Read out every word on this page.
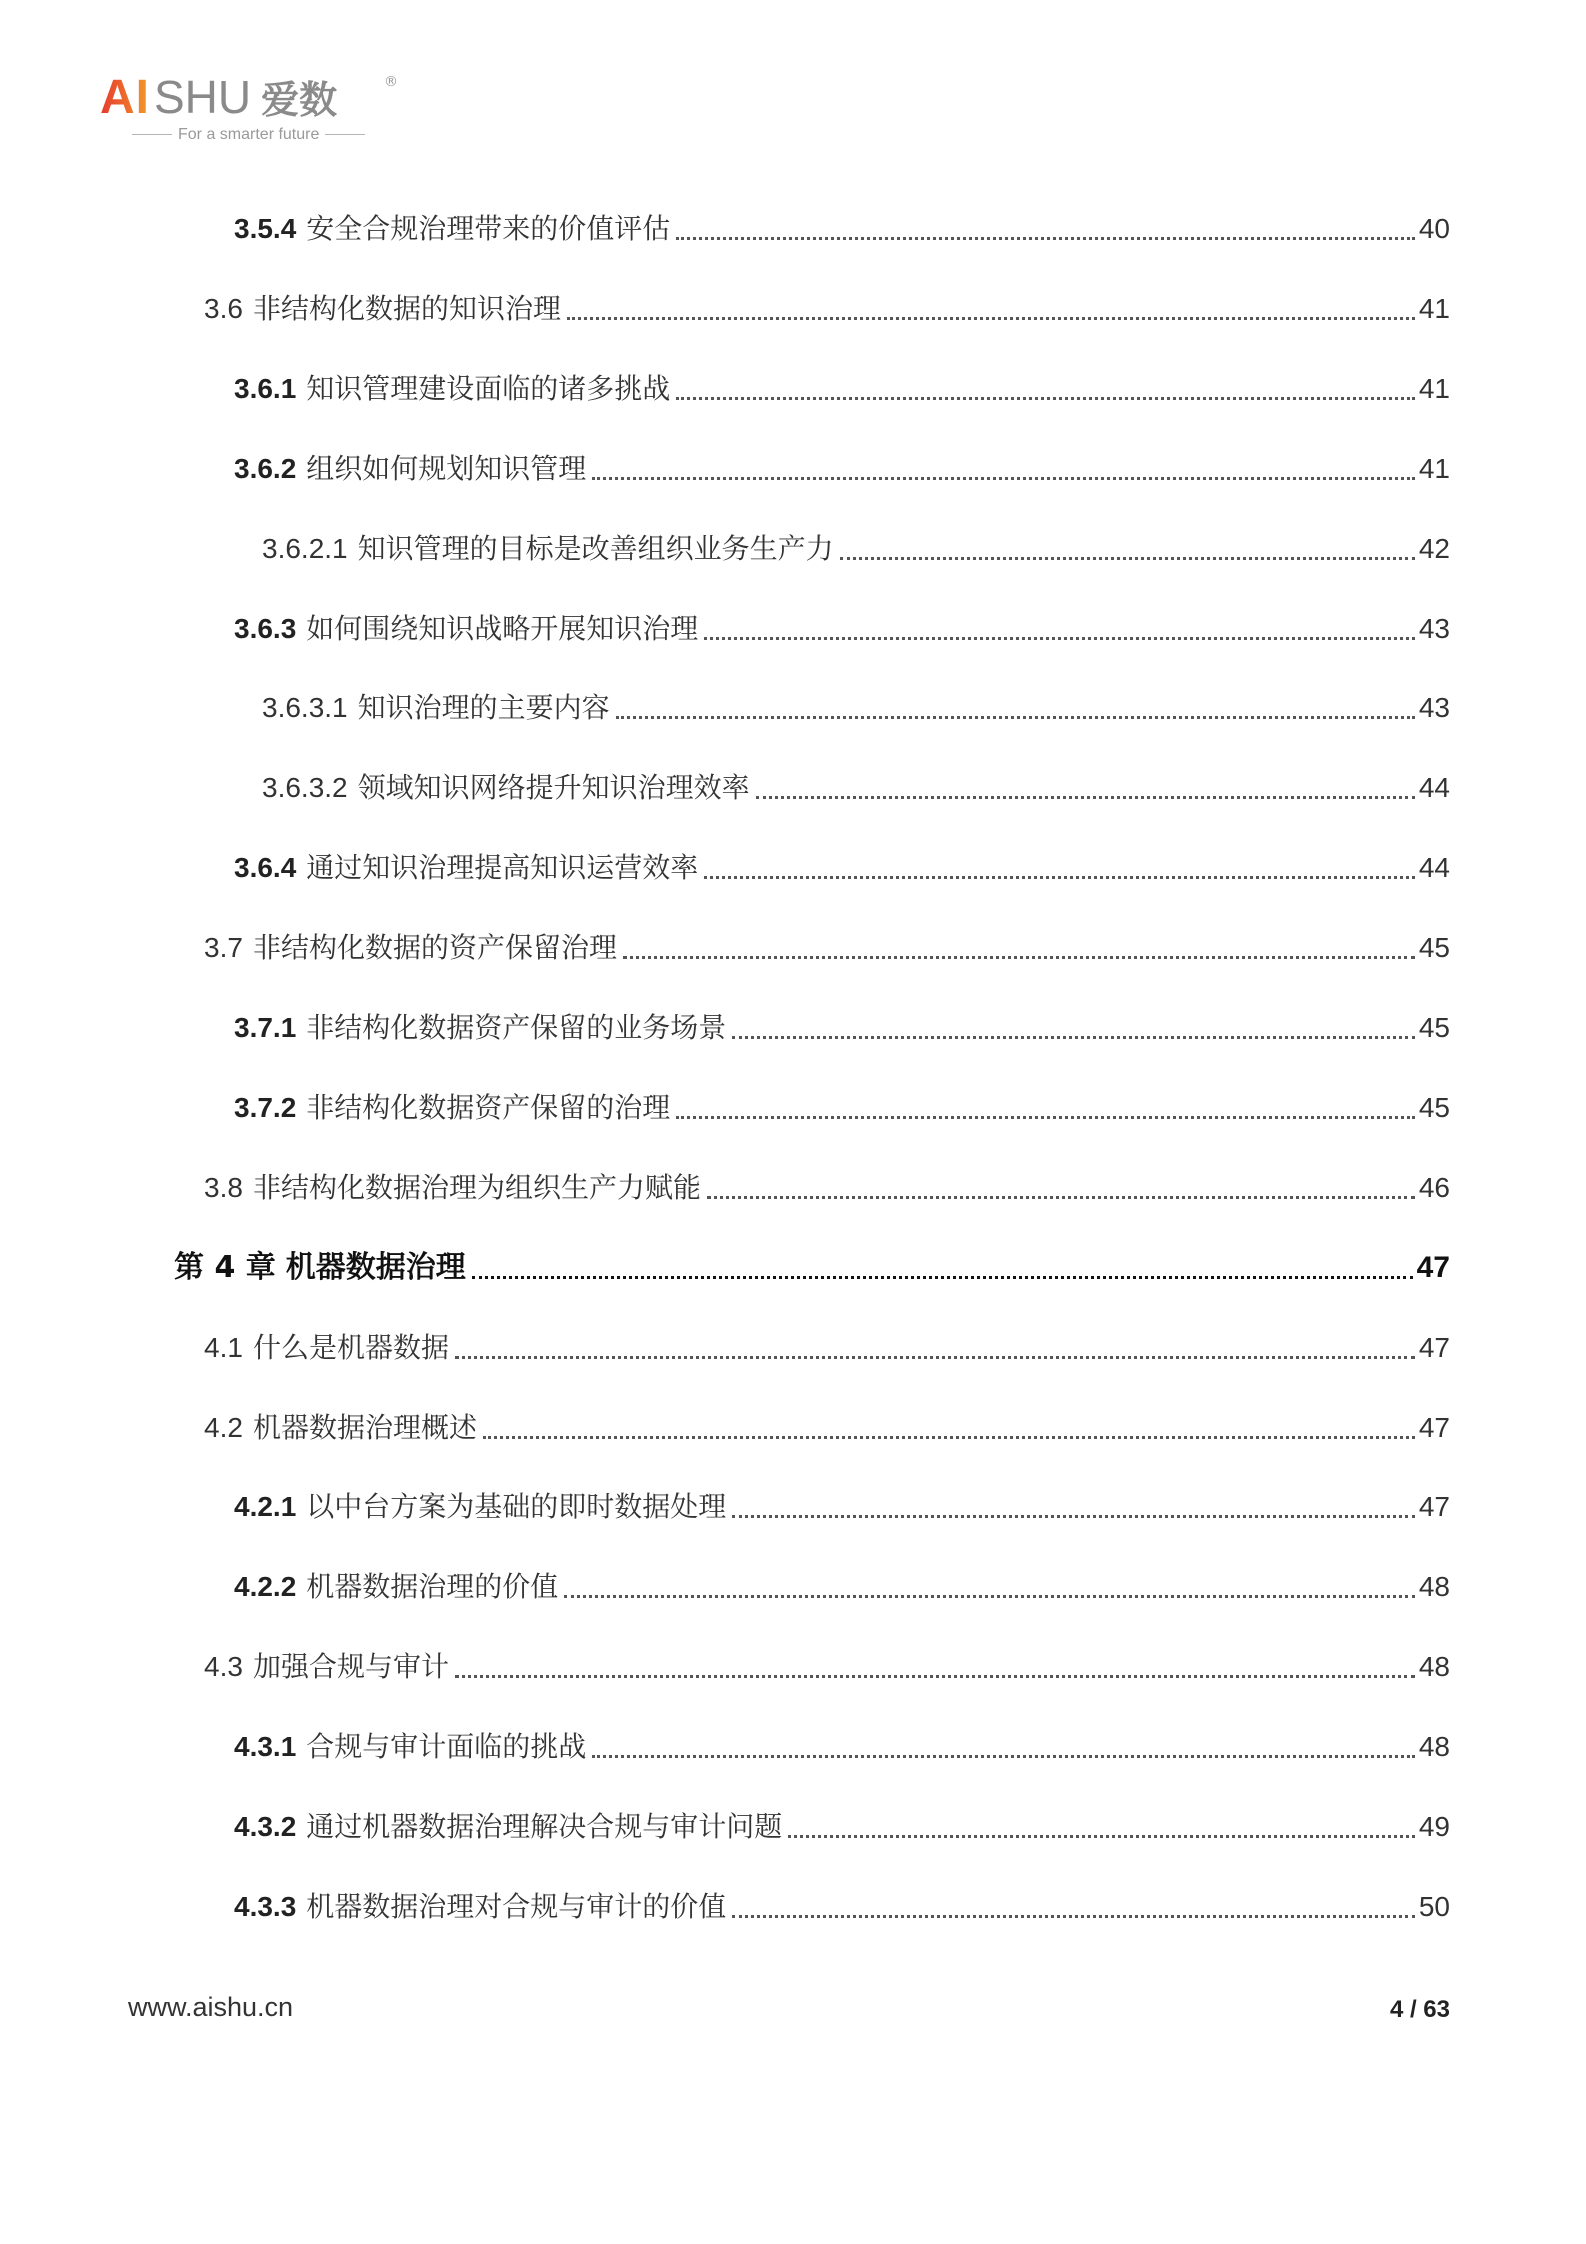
AISHU 爱数	®
For a smarter future
3.5.4 安全合规治理带来的价值评估	40
3.6 非结构化数据的知识治理	41
3.6.1 知识管理建设面临的诸多挑战	41
3.6.2 组织如何规划知识管理	41
3.6.2.1 知识管理的目标是改善组织业务生产力	42
3.6.3 如何围绕知识战略开展知识治理	43
3.6.3.1 知识治理的主要内容	43
3.6.3.2 领域知识网络提升知识治理效率	44
3.6.4 通过知识治理提高知识运营效率	44
3.7 非结构化数据的资产保留治理	45
3.7.1 非结构化数据资产保留的业务场景	45
3.7.2 非结构化数据资产保留的治理	45
3.8 非结构化数据治理为组织生产力赋能	46
第 4 章 机器数据治理	47
4.1 什么是机器数据	47
4.2 机器数据治理概述	47
4.2.1 以中台方案为基础的即时数据处理	47
4.2.2 机器数据治理的价值	48
4.3 加强合规与审计	48
4.3.1 合规与审计面临的挑战	48
4.3.2 通过机器数据治理解决合规与审计问题	49
4.3.3 机器数据治理对合规与审计的价值	50
www.aishu.cn	4 / 63
